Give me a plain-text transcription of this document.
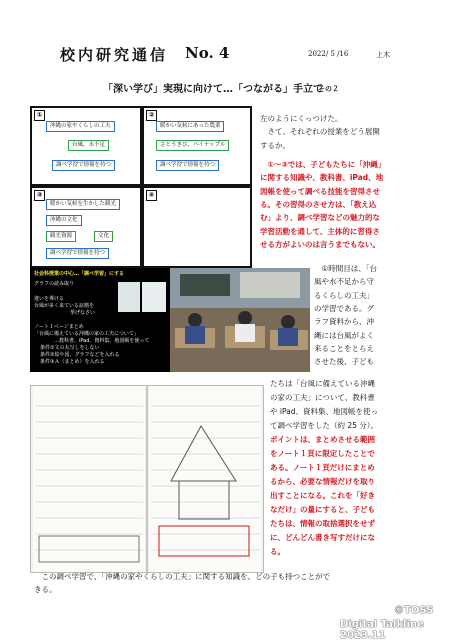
校内研究通信 No. 4	2022/ 5 /16	上木
「深い学び」実現に向けて…「つながる」手立て
その２
①
沖縄の家やくらしの工夫
台風、水不足
調べ学習で情報を持つ
②
暖かい気候にあった農業
さとうきび、パイナップル
調べ学習で情報を持つ
③
暖かい気候を生かした観光
沖縄の文化
観光資源	文化
調べ学習で情報を持つ
④
社会科授業の中心…「調べ学習」にする
グラフの読み取り
違いを導ける
台風が多く来ている証拠を
挙げなさい
ノート１ページまとめ
「台風に備えている沖縄の家の工夫について」
…教科書、iPad、資料集、地図帳を使って
条件①文の丸写しをしない
条件②絵や図、グラフなどを入れる
条件③Ａ（まとめ）を入れる
左のようにくっつけた。
　さて、それぞれの授業をどう展開
するか。
　①～③では、子どもたちに「沖縄」
に関する知識や、教科書、iPad、地
図帳を使って調べる技能を習得させ
る。その習得のさせ方は、「教え込
む」より、調べ学習などの魅力的な
学習活動を通して、主体的に習得さ
せる方がよいのは言うまでもない。
　①時間目は、「台
風や水不足から守
るくらしの工夫」
の学習である。グ
ラフ資料から、沖
縄には台風がよく
来ることをとらえ
させた後、子ども
たちは「台風に備えている沖縄
の家の工夫」について、教科書
や iPad、資料集、地図帳を使っ
て調べ学習をした（約 25 分）。
ポイントは、まとめさせる範囲
をノート１頁に限定したことで
ある。ノート１頁だけにまとめ
るから、必要な情報だけを取り
出すことになる。これを「好き
なだけ」の量にすると、子ども
たちは、情報の取捨選択をせず
に、どんどん書き写すだけにな
る。
　この調べ学習で、「沖縄の家やくらしの工夫」に関する知識を、どの子も持つことがで
きる。
©TOSS
Digital Talkline 2023.11
